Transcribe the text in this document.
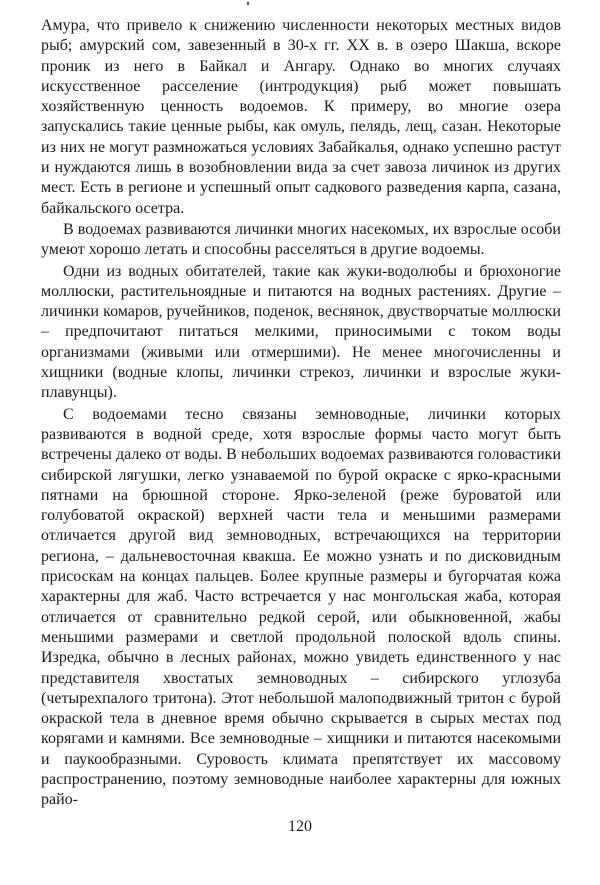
Амура, что привело к снижению численности некоторых местных видов рыб; амурский сом, завезенный в 30-х гг. XX в. в озеро Шакша, вскоре проник из него в Байкал и Ангару. Однако во многих случаях искусственное расселение (интродукция) рыб может повышать хозяйственную ценность водоемов. К примеру, во многие озера запускались такие ценные рыбы, как омуль, пелядь, лещ, сазан. Некоторые из них не могут размножаться условиях Забайкалья, однако успешно растут и нуждаются лишь в возобновлении вида за счет завоза личинок из других мест. Есть в регионе и успешный опыт садкового разведения карпа, сазана, байкальского осетра.

В водоемах развиваются личинки многих насекомых, их взрослые особи умеют хорошо летать и способны расселяться в другие водоемы.

Одни из водных обитателей, такие как жуки-водолюбы и брюхоногие моллюски, растительноядные и питаются на водных растениях. Другие – личинки комаров, ручейников, поденок, веснянок, двустворчатые моллюски – предпочитают питаться мелкими, приносимыми с током воды организмами (живыми или отмершими). Не менее многочисленны и хищники (водные клопы, личинки стрекоз, личинки и взрослые жуки-плавунцы).

С водоемами тесно связаны земноводные, личинки которых развиваются в водной среде, хотя взрослые формы часто могут быть встречены далеко от воды. В небольших водоемах развиваются головастики сибирской лягушки, легко узнаваемой по бурой окраске с ярко-красными пятнами на брюшной стороне. Ярко-зеленой (реже буроватой или голубоватой окраской) верхней части тела и меньшими размерами отличается другой вид земноводных, встречающихся на территории региона, – дальневосточная квакша. Ее можно узнать и по дисковидным присоскам на концах пальцев. Более крупные размеры и бугорчатая кожа характерны для жаб. Часто встречается у нас монгольская жаба, которая отличается от сравнительно редкой серой, или обыкновенной, жабы меньшими размерами и светлой продольной полоской вдоль спины. Изредка, обычно в лесных районах, можно увидеть единственного у нас представителя хвостатых земноводных – сибирского углозуба (четырехпалого тритона). Этот небольшой малоподвижный тритон с бурой окраской тела в дневное время обычно скрывается в сырых местах под корягами и камнями. Все земноводные – хищники и питаются насекомыми и паукообразными. Суровость климата препятствует их массовому распространению, поэтому земноводные наиболее характерны для южных райо-

120
